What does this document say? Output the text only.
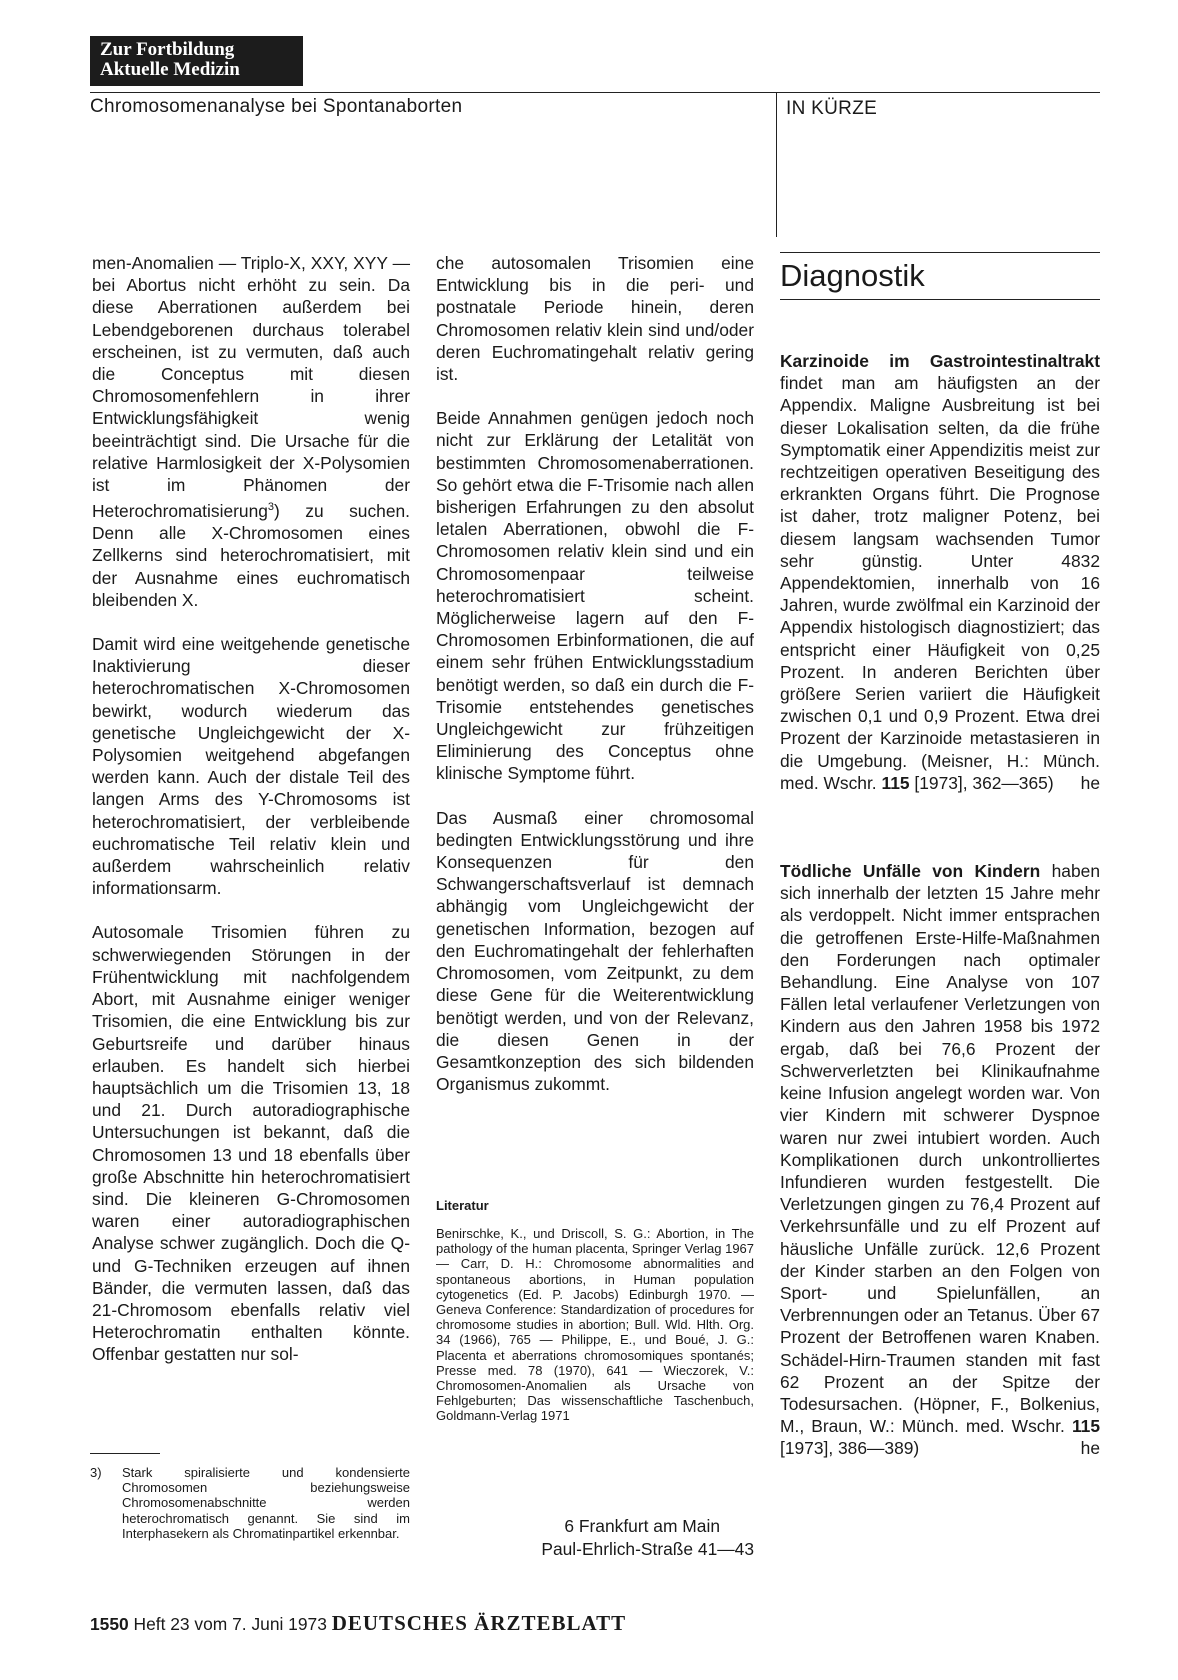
Zur Fortbildung
Aktuelle Medizin
Chromosomenanalyse bei Spontanaborten	IN KÜRZE

men-Anomalien — Triplo-X, XXY, XYY — bei Abortus nicht erhöht zu sein. Da diese Aberrationen außerdem bei Lebendgeborenen durchaus tolerabel erscheinen, ist zu vermuten, daß auch die Conceptus mit diesen Chromosomenfehlern in ihrer Entwicklungsfähigkeit wenig beeinträchtigt sind. Die Ursache für die relative Harmlosigkeit der X-Polysomien ist im Phänomen der Heterochromatisierung$^3$) zu suchen. Denn alle X-Chromosomen eines Zellkerns sind heterochromatisiert, mit der Ausnahme eines euchromatisch bleibenden X.

Damit wird eine weitgehende genetische Inaktivierung dieser heterochromatischen X-Chromosomen bewirkt, wodurch wiederum das genetische Ungleichgewicht der X-Polysomien weitgehend abgefangen werden kann. Auch der distale Teil des langen Arms des Y-Chromosoms ist heterochromatisiert, der verbleibende euchromatische Teil relativ klein und außerdem wahrscheinlich relativ informationsarm.

Autosomale Trisomien führen zu schwerwiegenden Störungen in der Frühentwicklung mit nachfolgendem Abort, mit Ausnahme einiger weniger Trisomien, die eine Entwicklung bis zur Geburtsreife und darüber hinaus erlauben. Es handelt sich hierbei hauptsächlich um die Trisomien 13, 18 und 21. Durch autoradiographische Untersuchungen ist bekannt, daß die Chromosomen 13 und 18 ebenfalls über große Abschnitte hin heterochromatisiert sind. Die kleineren G-Chromosomen waren einer autoradiographischen Analyse schwer zugänglich. Doch die Q- und G-Techniken erzeugen auf ihnen Bänder, die vermuten lassen, daß das 21-Chromosom ebenfalls relativ viel Heterochromatin enthalten könnte. Offenbar gestatten nur sol-

3) Stark spiralisierte und kondensierte Chromosomen beziehungsweise Chromosomenabschnitte werden heterochromatisch genannt. Sie sind im Interphasekern als Chromatinpartikel erkennbar.

che autosomalen Trisomien eine Entwicklung bis in die peri- und postnatale Periode hinein, deren Chromosomen relativ klein sind und/oder deren Euchromatingehalt relativ gering ist.

Beide Annahmen genügen jedoch noch nicht zur Erklärung der Letalität von bestimmten Chromosomenaberrationen. So gehört etwa die F-Trisomie nach allen bisherigen Erfahrungen zu den absolut letalen Aberrationen, obwohl die F-Chromosomen relativ klein sind und ein Chromosomenpaar teilweise heterochromatisiert scheint. Möglicherweise lagern auf den F-Chromosomen Erbinformationen, die auf einem sehr frühen Entwicklungsstadium benötigt werden, so daß ein durch die F-Trisomie entstehendes genetisches Ungleichgewicht zur frühzeitigen Eliminierung des Conceptus ohne klinische Symptome führt.

Das Ausmaß einer chromosomal bedingten Entwicklungsstörung und ihre Konsequenzen für den Schwangerschaftsverlauf ist demnach abhängig vom Ungleichgewicht der genetischen Information, bezogen auf den Euchromatingehalt der fehlerhaften Chromosomen, vom Zeitpunkt, zu dem diese Gene für die Weiterentwicklung benötigt werden, und von der Relevanz, die diesen Genen in der Gesamtkonzeption des sich bildenden Organismus zukommt.

Literatur
Benirschke, K., und Driscoll, S. G.: Abortion, in The pathology of the human placenta, Springer Verlag 1967 — Carr, D. H.: Chromosome abnormalities and spontaneous abortions, in Human population cytogenetics (Ed. P. Jacobs) Edinburgh 1970. — Geneva Conference: Standardization of procedures for chromosome studies in abortion; Bull. Wld. Hlth. Org. 34 (1966), 765 — Philippe, E., und Boué, J. G.: Placenta et aberrations chromosomiques spontanés; Presse med. 78 (1970), 641 — Wieczorek, V.: Chromosomen-Anomalien als Ursache von Fehlgeburten; Das wissenschaftliche Taschenbuch, Goldmann-Verlag 1971
6 Frankfurt am Main
Paul-Ehrlich-Straße 41—43
Diagnostik

Karzinoide im Gastrointestinaltrakt findet man am häufigsten an der Appendix. Maligne Ausbreitung ist bei dieser Lokalisation selten, da die frühe Symptomatik einer Appendizitis meist zur rechtzeitigen operativen Beseitigung des erkrankten Organs führt. Die Prognose ist daher, trotz maligner Potenz, bei diesem langsam wachsenden Tumor sehr günstig. Unter 4832 Appendektomien, innerhalb von 16 Jahren, wurde zwölfmal ein Karzinoid der Appendix histologisch diagnostiziert; das entspricht einer Häufigkeit von 0,25 Prozent. In anderen Berichten über größere Serien variiert die Häufigkeit zwischen 0,1 und 0,9 Prozent. Etwa drei Prozent der Karzinoide metastasieren in die Umgebung. (Meisner, H.: Münch. med. Wschr. 115 [1973], 362—365) he

Tödliche Unfälle von Kindern haben sich innerhalb der letzten 15 Jahre mehr als verdoppelt. Nicht immer entsprachen die getroffenen Erste-Hilfe-Maßnahmen den Forderungen nach optimaler Behandlung. Eine Analyse von 107 Fällen letal verlaufener Verletzungen von Kindern aus den Jahren 1958 bis 1972 ergab, daß bei 76,6 Prozent der Schwerverletzten bei Klinikaufnahme keine Infusion angelegt worden war. Von vier Kindern mit schwerer Dyspnoe waren nur zwei intubiert worden. Auch Komplikationen durch unkontrolliertes Infundieren wurden festgestellt. Die Verletzungen gingen zu 76,4 Prozent auf Verkehrsunfälle und zu elf Prozent auf häusliche Unfälle zurück. 12,6 Prozent der Kinder starben an den Folgen von Sport- und Spielunfällen, an Verbrennungen oder an Tetanus. Über 67 Prozent der Betroffenen waren Knaben. Schädel-Hirn-Traumen standen mit fast 62 Prozent an der Spitze der Todesursachen. (Höpner, F., Bolkenius, M., Braun, W.: Münch. med. Wschr. 115 [1973], 386—389)	he

1550 Heft 23 vom 7. Juni 1973 DEUTSCHES ÄRZTEBLATT
